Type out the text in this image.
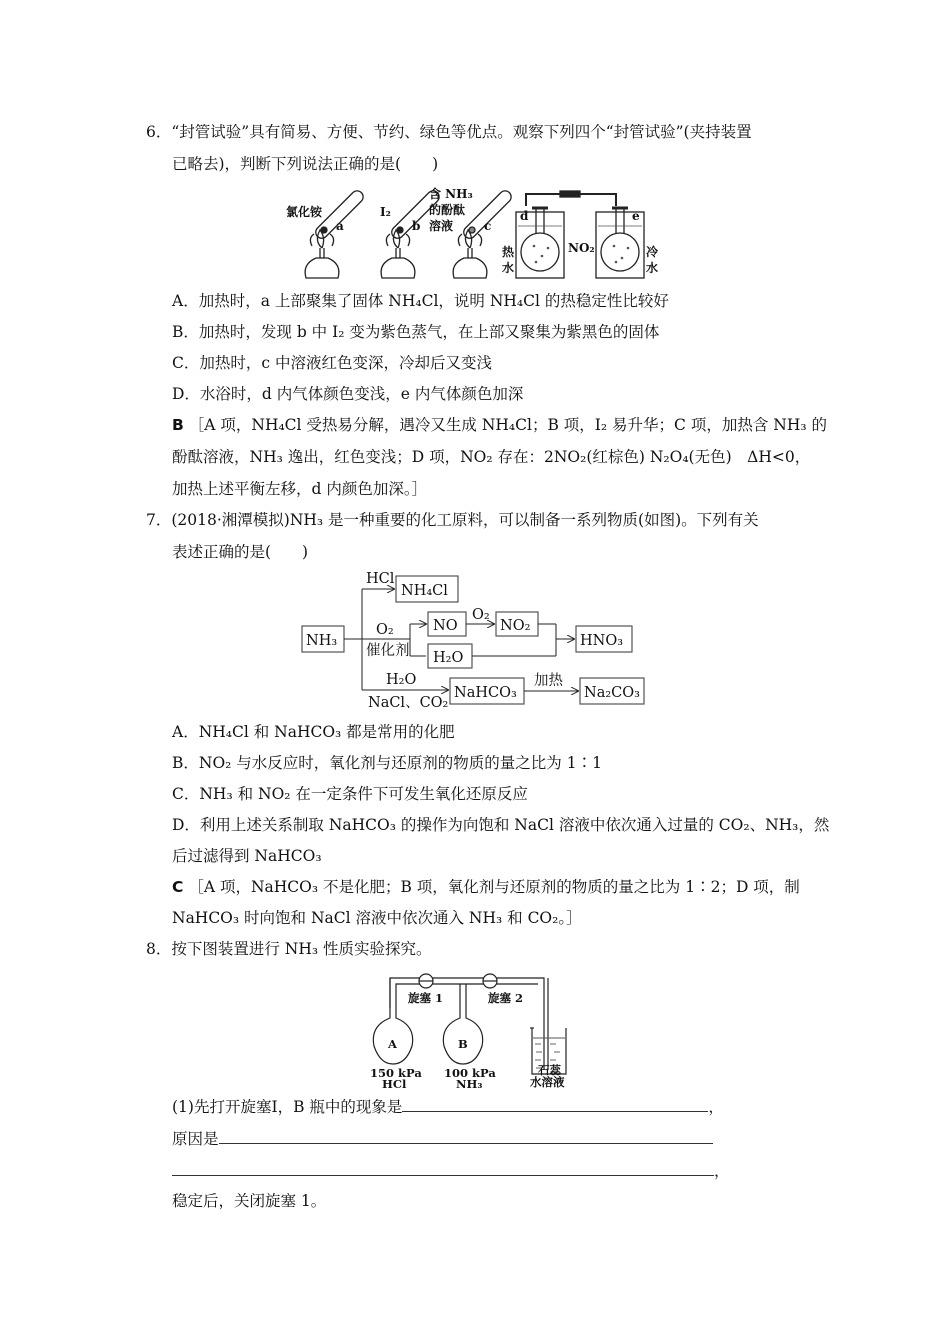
6．“封管试验”具有简易、方便、节约、绿色等优点。观察下列四个“封管试验”(夹持装置
已略去)，判断下列说法正确的是(　　)
氯化铵	I₂
含 NH₃
的酚酞
溶液
a	b	c
d	e
热
水
NO₂	冷
水
A．加热时，a 上部聚集了固体 NH₄Cl，说明 NH₄Cl 的热稳定性比较好
B．加热时，发现 b 中 I₂ 变为紫色蒸气，在上部又聚集为紫黑色的固体
C．加热时，c 中溶液红色变深，冷却后又变浅
D．水浴时，d 内气体颜色变浅，e 内气体颜色加深
B ［A 项，NH₄Cl 受热易分解，遇冷又生成 NH₄Cl；B 项，I₂ 易升华；C 项，加热含 NH₃ 的
酚酞溶液，NH₃ 逸出，红色变浅；D 项，NO₂ 存在：2NO₂(红棕色) N₂O₄(无色)　ΔH<0，
加热上述平衡左移，d 内颜色加深。］
7．(2018·湘潭模拟)NH₃ 是一种重要的化工原料，可以制备一系列物质(如图)。下列有关
表述正确的是(　　)
NH₃
HCl
NH₄Cl
O₂
催化剂
NO
O₂
NO₂
H₂O
HNO₃
H₂O
NaCl、CO₂
NaHCO₃
加热
Na₂CO₃
A．NH₄Cl 和 NaHCO₃ 都是常用的化肥
B．NO₂ 与水反应时，氧化剂与还原剂的物质的量之比为 1∶1
C．NH₃ 和 NO₂ 在一定条件下可发生氧化还原反应
D．利用上述关系制取 NaHCO₃ 的操作为向饱和 NaCl 溶液中依次通入过量的 CO₂、NH₃，然
后过滤得到 NaHCO₃
C ［A 项，NaHCO₃ 不是化肥；B 项，氧化剂与还原剂的物质的量之比为 1∶2；D 项，制
NaHCO₃ 时向饱和 NaCl 溶液中依次通入 NH₃ 和 CO₂。］
8．按下图装置进行 NH₃ 性质实验探究。
旋塞 1	旋塞 2
A	B
150 kPa
HCl
100 kPa
NH₃
石蕊
水溶液
(1)先打开旋塞Ⅰ，B 瓶中的现象是	，
原因是
，
稳定后，关闭旋塞 1。
